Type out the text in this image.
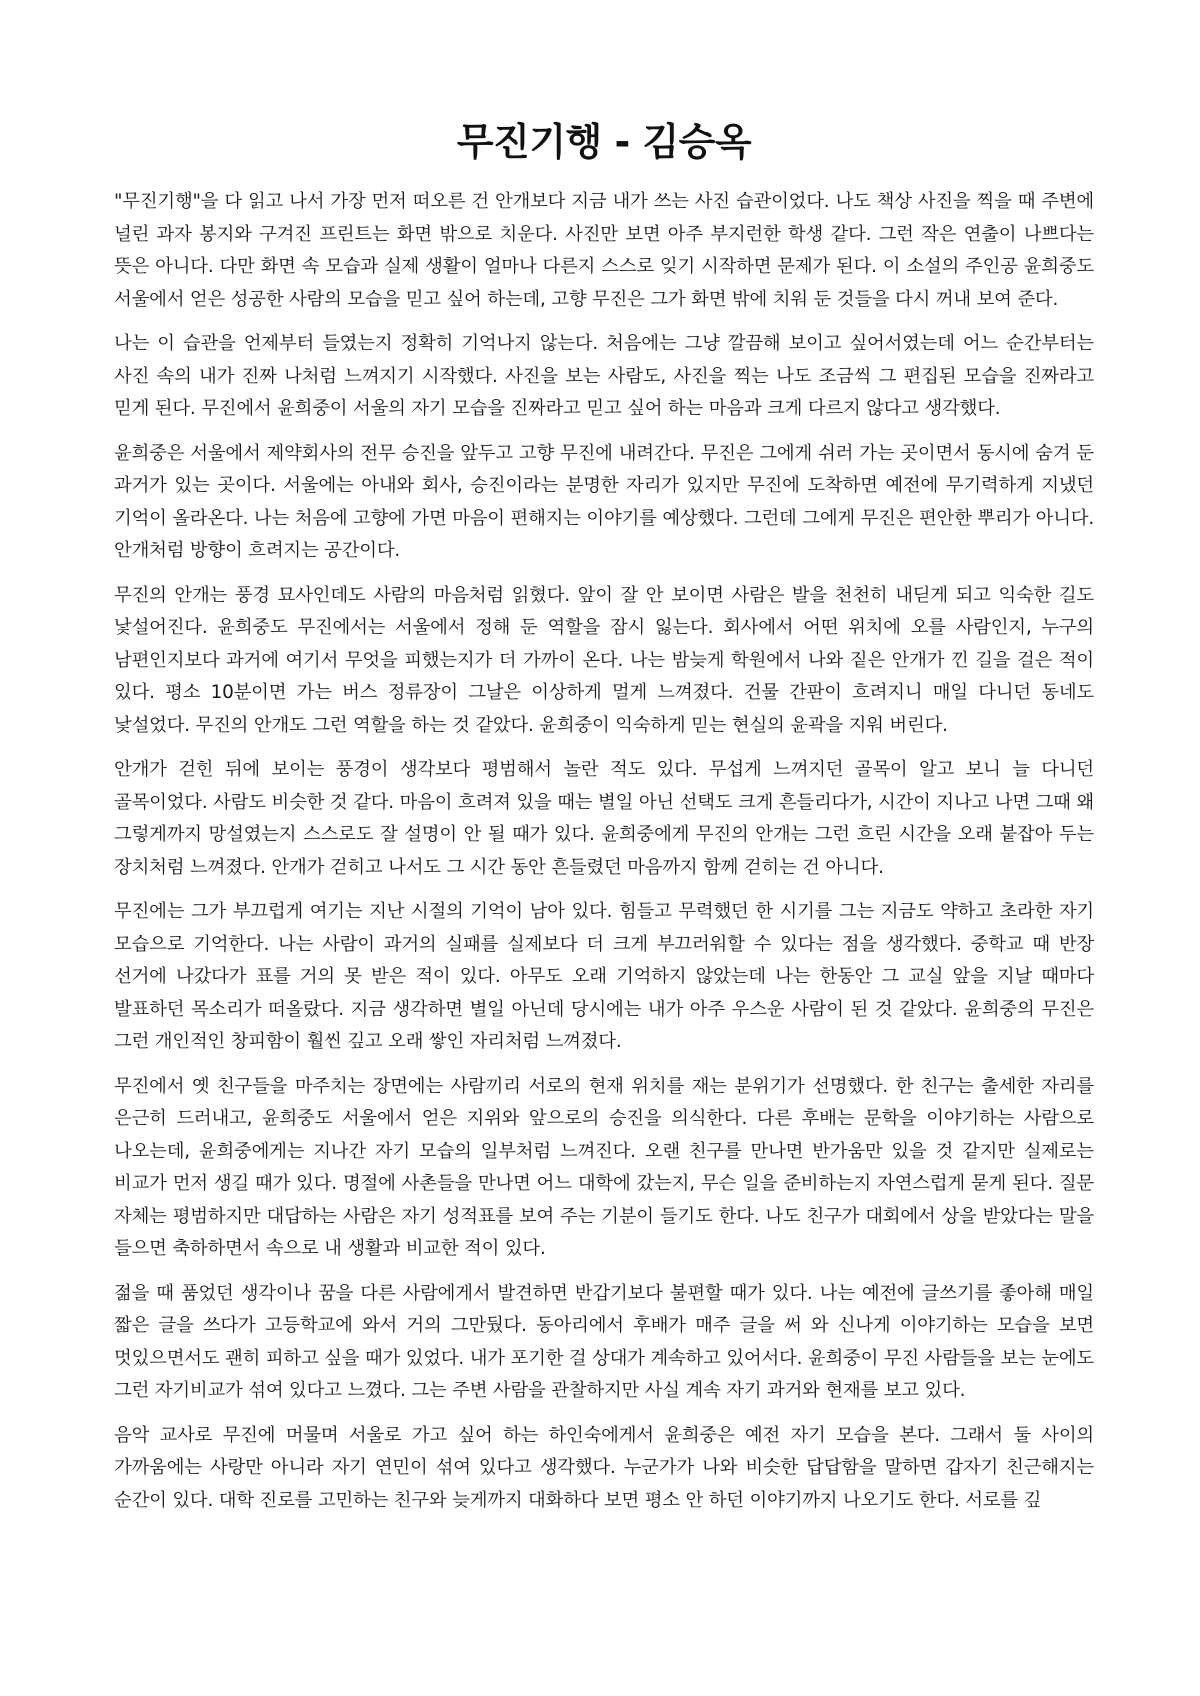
무진기행 - 김승옥

"무진기행"을 다 읽고 나서 가장 먼저 떠오른 건 안개보다 지금 내가 쓰는 사진 습관이었다. 나도 책상 사진을 찍을 때 주변에 널린 과자 봉지와 구겨진 프린트는 화면 밖으로 치운다. 사진만 보면 아주 부지런한 학생 같다. 그런 작은 연출이 나쁘다는 뜻은 아니다. 다만 화면 속 모습과 실제 생활이 얼마나 다른지 스스로 잊기 시작하면 문제가 된다. 이 소설의 주인공 윤희중도 서울에서 얻은 성공한 사람의 모습을 믿고 싶어 하는데, 고향 무진은 그가 화면 밖에 치워 둔 것들을 다시 꺼내 보여 준다.

나는 이 습관을 언제부터 들였는지 정확히 기억나지 않는다. 처음에는 그냥 깔끔해 보이고 싶어서였는데 어느 순간부터는 사진 속의 내가 진짜 나처럼 느껴지기 시작했다. 사진을 보는 사람도, 사진을 찍는 나도 조금씩 그 편집된 모습을 진짜라고 믿게 된다. 무진에서 윤희중이 서울의 자기 모습을 진짜라고 믿고 싶어 하는 마음과 크게 다르지 않다고 생각했다.

윤희중은 서울에서 제약회사의 전무 승진을 앞두고 고향 무진에 내려간다. 무진은 그에게 쉬러 가는 곳이면서 동시에 숨겨 둔 과거가 있는 곳이다. 서울에는 아내와 회사, 승진이라는 분명한 자리가 있지만 무진에 도착하면 예전에 무기력하게 지냈던 기억이 올라온다. 나는 처음에 고향에 가면 마음이 편해지는 이야기를 예상했다. 그런데 그에게 무진은 편안한 뿌리가 아니다. 안개처럼 방향이 흐려지는 공간이다.

무진의 안개는 풍경 묘사인데도 사람의 마음처럼 읽혔다. 앞이 잘 안 보이면 사람은 발을 천천히 내딛게 되고 익숙한 길도 낯설어진다. 윤희중도 무진에서는 서울에서 정해 둔 역할을 잠시 잃는다. 회사에서 어떤 위치에 오를 사람인지, 누구의 남편인지보다 과거에 여기서 무엇을 피했는지가 더 가까이 온다. 나는 밤늦게 학원에서 나와 짙은 안개가 낀 길을 걸은 적이 있다. 평소 10분이면 가는 버스 정류장이 그날은 이상하게 멀게 느껴졌다. 건물 간판이 흐려지니 매일 다니던 동네도 낯설었다. 무진의 안개도 그런 역할을 하는 것 같았다. 윤희중이 익숙하게 믿는 현실의 윤곽을 지워 버린다.

안개가 걷힌 뒤에 보이는 풍경이 생각보다 평범해서 놀란 적도 있다. 무섭게 느껴지던 골목이 알고 보니 늘 다니던 골목이었다. 사람도 비슷한 것 같다. 마음이 흐려져 있을 때는 별일 아닌 선택도 크게 흔들리다가, 시간이 지나고 나면 그때 왜 그렇게까지 망설였는지 스스로도 잘 설명이 안 될 때가 있다. 윤희중에게 무진의 안개는 그런 흐린 시간을 오래 붙잡아 두는 장치처럼 느껴졌다. 안개가 걷히고 나서도 그 시간 동안 흔들렸던 마음까지 함께 걷히는 건 아니다.

무진에는 그가 부끄럽게 여기는 지난 시절의 기억이 남아 있다. 힘들고 무력했던 한 시기를 그는 지금도 약하고 초라한 자기 모습으로 기억한다. 나는 사람이 과거의 실패를 실제보다 더 크게 부끄러워할 수 있다는 점을 생각했다. 중학교 때 반장 선거에 나갔다가 표를 거의 못 받은 적이 있다. 아무도 오래 기억하지 않았는데 나는 한동안 그 교실 앞을 지날 때마다 발표하던 목소리가 떠올랐다. 지금 생각하면 별일 아닌데 당시에는 내가 아주 우스운 사람이 된 것 같았다. 윤희중의 무진은 그런 개인적인 창피함이 훨씬 깊고 오래 쌓인 자리처럼 느껴졌다.

무진에서 옛 친구들을 마주치는 장면에는 사람끼리 서로의 현재 위치를 재는 분위기가 선명했다. 한 친구는 출세한 자리를 은근히 드러내고, 윤희중도 서울에서 얻은 지위와 앞으로의 승진을 의식한다. 다른 후배는 문학을 이야기하는 사람으로 나오는데, 윤희중에게는 지나간 자기 모습의 일부처럼 느껴진다. 오랜 친구를 만나면 반가움만 있을 것 같지만 실제로는 비교가 먼저 생길 때가 있다. 명절에 사촌들을 만나면 어느 대학에 갔는지, 무슨 일을 준비하는지 자연스럽게 묻게 된다. 질문 자체는 평범하지만 대답하는 사람은 자기 성적표를 보여 주는 기분이 들기도 한다. 나도 친구가 대회에서 상을 받았다는 말을 들으면 축하하면서 속으로 내 생활과 비교한 적이 있다.

젊을 때 품었던 생각이나 꿈을 다른 사람에게서 발견하면 반갑기보다 불편할 때가 있다. 나는 예전에 글쓰기를 좋아해 매일 짧은 글을 쓰다가 고등학교에 와서 거의 그만뒀다. 동아리에서 후배가 매주 글을 써 와 신나게 이야기하는 모습을 보면 멋있으면서도 괜히 피하고 싶을 때가 있었다. 내가 포기한 걸 상대가 계속하고 있어서다. 윤희중이 무진 사람들을 보는 눈에도 그런 자기비교가 섞여 있다고 느꼈다. 그는 주변 사람을 관찰하지만 사실 계속 자기 과거와 현재를 보고 있다.

음악 교사로 무진에 머물며 서울로 가고 싶어 하는 하인숙에게서 윤희중은 예전 자기 모습을 본다. 그래서 둘 사이의 가까움에는 사랑만 아니라 자기 연민이 섞여 있다고 생각했다. 누군가가 나와 비슷한 답답함을 말하면 갑자기 친근해지는 순간이 있다. 대학 진로를 고민하는 친구와 늦게까지 대화하다 보면 평소 안 하던 이야기까지 나오기도 한다. 서로를 깊
